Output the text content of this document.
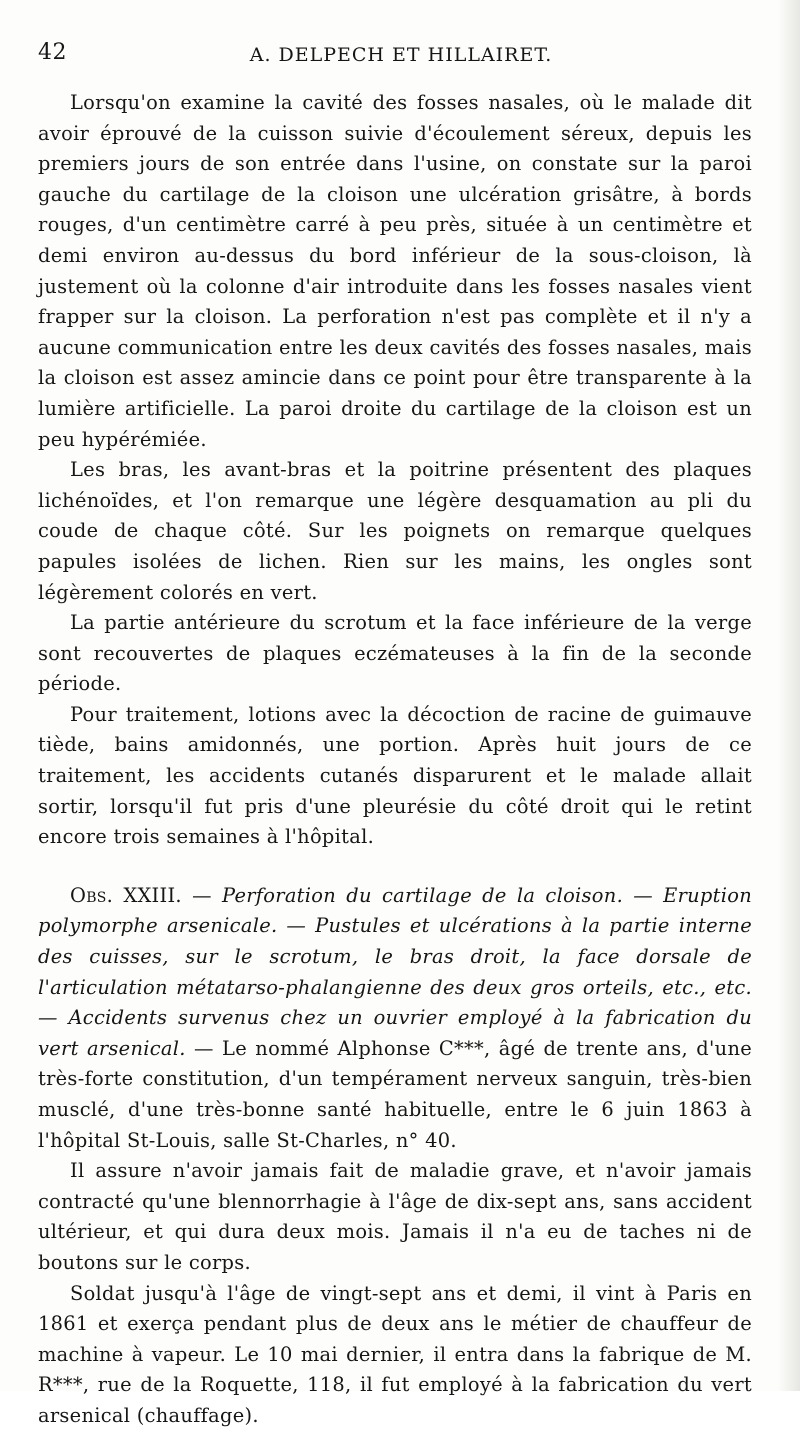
42	A. DELPECH ET HILLAIRET.

Lorsqu'on examine la cavité des fosses nasales, où le malade dit avoir éprouvé de la cuisson suivie d'écoulement séreux, depuis les premiers jours de son entrée dans l'usine, on constate sur la paroi gauche du cartilage de la cloison une ulcération grisâtre, à bords rouges, d'un centimètre carré à peu près, située à un centimètre et demi environ au-dessus du bord inférieur de la sous-cloison, là justement où la colonne d'air introduite dans les fosses nasales vient frapper sur la cloison. La perforation n'est pas complète et il n'y a aucune communication entre les deux cavités des fosses nasales, mais la cloison est assez amincie dans ce point pour être transparente à la lumière artificielle. La paroi droite du cartilage de la cloison est un peu hypérémiée.

Les bras, les avant-bras et la poitrine présentent des plaques lichénoïdes, et l'on remarque une légère desquamation au pli du coude de chaque côté. Sur les poignets on remarque quelques papules isolées de lichen. Rien sur les mains, les ongles sont légèrement colorés en vert.

La partie antérieure du scrotum et la face inférieure de la verge sont recouvertes de plaques eczémateuses à la fin de la seconde période.

Pour traitement, lotions avec la décoction de racine de guimauve tiède, bains amidonnés, une portion. Après huit jours de ce traitement, les accidents cutanés disparurent et le malade allait sortir, lorsqu'il fut pris d'une pleurésie du côté droit qui le retint encore trois semaines à l'hôpital.

Obs. XXIII. — Perforation du cartilage de la cloison. — Eruption polymorphe arsenicale. — Pustules et ulcérations à la partie interne des cuisses, sur le scrotum, le bras droit, la face dorsale de l'articulation métatarso-phalangienne des deux gros orteils, etc., etc. — Accidents survenus chez un ouvrier employé à la fabrication du vert arsenical. — Le nommé Alphonse C***, âgé de trente ans, d'une très-forte constitution, d'un tempérament nerveux sanguin, très-bien musclé, d'une très-bonne santé habituelle, entre le 6 juin 1863 à l'hôpital St-Louis, salle St-Charles, n° 40.

Il assure n'avoir jamais fait de maladie grave, et n'avoir jamais contracté qu'une blennorrhagie à l'âge de dix-sept ans, sans accident ultérieur, et qui dura deux mois. Jamais il n'a eu de taches ni de boutons sur le corps.

Soldat jusqu'à l'âge de vingt-sept ans et demi, il vint à Paris en 1861 et exerça pendant plus de deux ans le métier de chauffeur de machine à vapeur. Le 10 mai dernier, il entra dans la fabrique de M. R***, rue de la Roquette, 118, il fut employé à la fabrication du vert arsenical (chauffage).
